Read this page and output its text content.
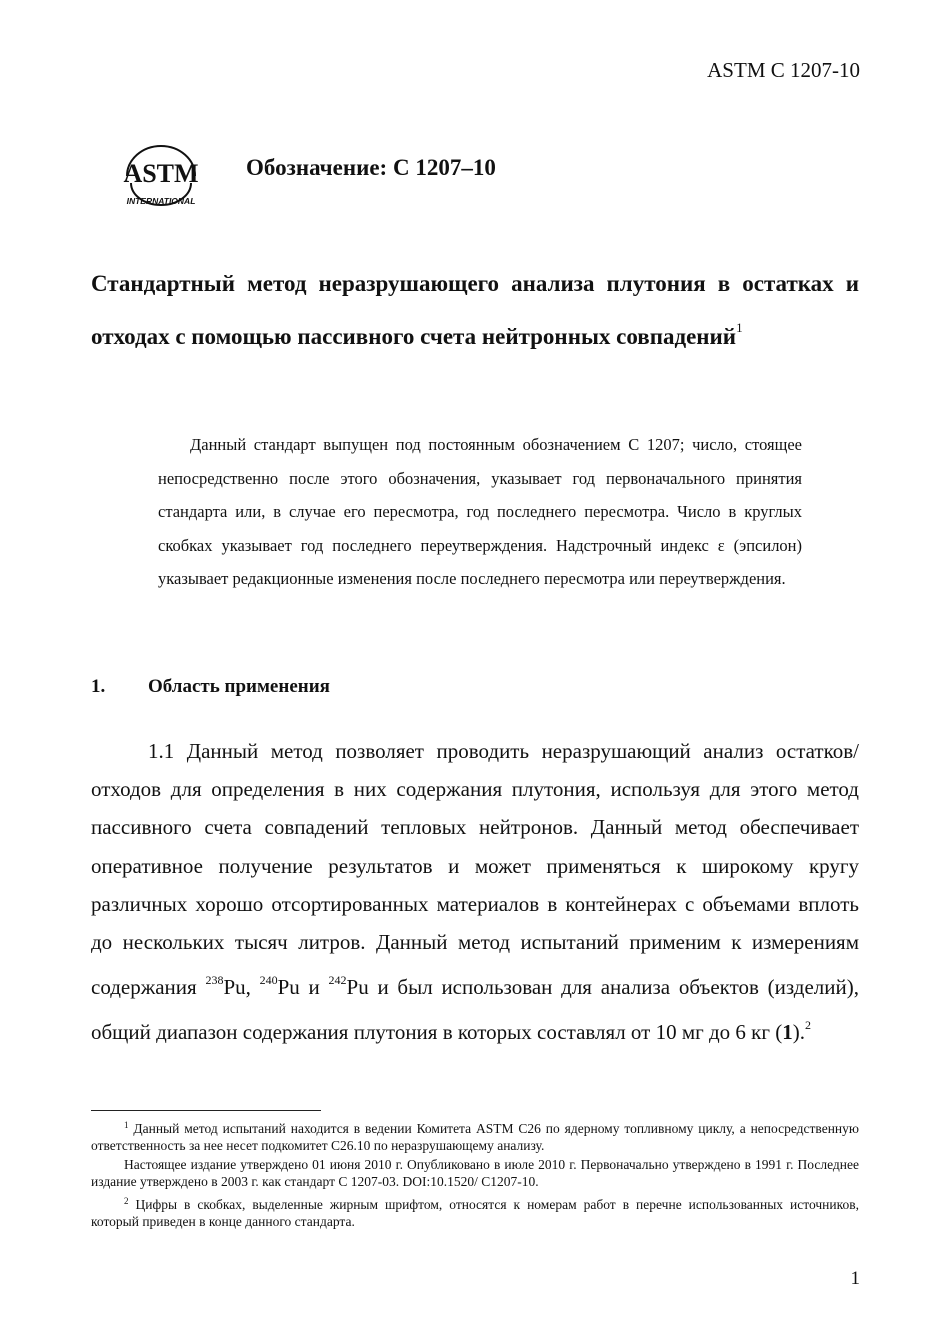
ASTM C 1207-10
ASTM
INTERNATIONAL
Обозначение: С 1207–10
Стандартный метод неразрушающего анализа плутония в остатках и отходах с помощью пассивного счета нейтронных совпадений$^1$
Данный стандарт выпущен под постоянным обозначением С 1207; число, стоящее непосредственно после этого обозначения, указывает год первоначального принятия стандарта или, в случае его пересмотра, год последнего пересмотра. Число в круглых скобках указывает год последнего переутверждения. Надстрочный индекс ε (эпсилон) указывает редакционные изменения после последнего пересмотра или переутверждения.
1. Область применения
1.1 Данный метод позволяет проводить неразрушающий анализ остатков/отходов для определения в них содержания плутония, используя для этого метод пассивного счета совпадений тепловых нейтронов. Данный метод обеспечивает оперативное получение результатов и может применяться к широкому кругу различных хорошо отсортированных материалов в контейнерах с объемами вплоть до нескольких тысяч литров. Данный метод испытаний применим к измерениям содержания $^{238}$Pu, $^{240}$Pu и $^{242}$Pu и был использован для анализа объектов (изделий), общий диапазон содержания плутония в которых составлял от 10 мг до 6 кг (1).$^2$
$^1$ Данный метод испытаний находится в ведении Комитета ASTM C26 по ядерному топливному циклу, а непосредственную ответственность за нее несет подкомитет С26.10 по неразрушающему анализу.
Настоящее издание утверждено 01 июня 2010 г. Опубликовано в июле 2010 г. Первоначально утверждено в 1991 г. Последнее издание утверждено в 2003 г. как стандарт С 1207-03. DOI:10.1520/ C1207-10.
$^2$ Цифры в скобках, выделенные жирным шрифтом, относятся к номерам работ в перечне использованных источников, который приведен в конце данного стандарта.
1
